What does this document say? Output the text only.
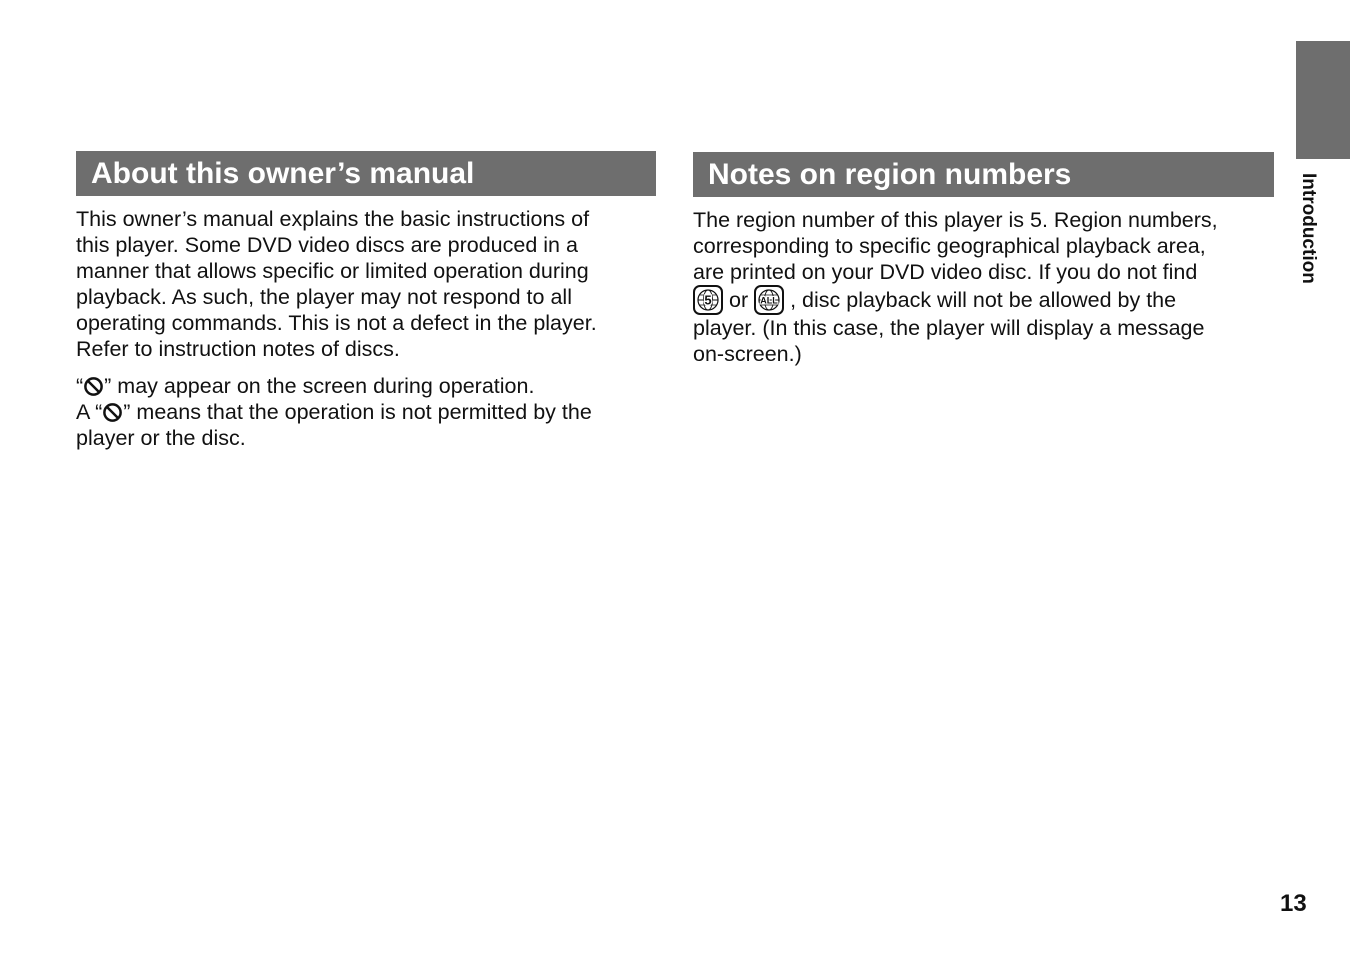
Introduction
About this owner’s manual

This owner’s manual explains the basic instructions of
this player. Some DVD video discs are produced in a
manner that allows specific or limited operation during
playback. As such, the player may not respond to all
operating commands. This is not a defect in the player.
Refer to instruction notes of discs.

“ ” may appear on the screen during operation.
A “ ” means that the operation is not permitted by the
player or the disc.

Notes on region numbers

The region number of this player is 5. Region numbers,
corresponding to specific geographical playback area,
are printed on your DVD video disc. If you do not find
5 or ALL , disc playback will not be allowed by the
player. (In this case, the player will display a message
on-screen.)

13
